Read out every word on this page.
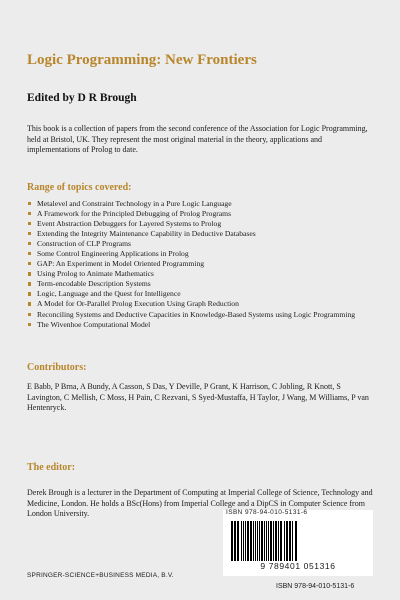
Logic Programming: New Frontiers
Edited by D R Brough
This book is a collection of papers from the second conference of the Association for Logic Programming, held at Bristol, UK. They represent the most original material in the theory, applications and implementations of Prolog to date.
Range of topics covered:
Metalevel and Constraint Technology in a Pure Logic Language
A Framework for the Principled Debugging of Prolog Programs
Event Abstraction Debuggers for Layered Systems to Prolog
Extending the Integrity Maintenance Capability in Deductive Databases
Construction of CLP Programs
Some Control Engineering Applications in Prolog
GAP: An Experiment in Model Oriented Programming
Using Prolog to Animate Mathematics
Term-encodable Description Systems
Logic, Language and the Quest for Intelligence
A Model for Or-Parallel Prolog Execution Using Graph Reduction
Reconciling Systems and Deductive Capacities in Knowledge-Based Systems using Logic Programming
The Wivenhoe Computational Model
Contributors:
E Babb, P Brna, A Bundy, A Casson, S Das, Y Deville, P Grant, K Harrison, C Jobling, R Knott, S Lavington, C Mellish, C Moss, H Pain, C Rezvani, S Syed-Mustaffa, H Taylor, J Wang, M Williams, P van Hentenryck.
The editor:
Derek Brough is a lecturer in the Department of Computing at Imperial College of Science, Technology and Medicine, London. He holds a BSc(Hons) from Imperial College and a DipCS in Computer Science from London University.
SPRINGER-SCIENCE+BUSINESS MEDIA, B.V.
ISBN 978-94-010-5131-6
9 789401 051316
ISBN 978-94-010-5131-6
